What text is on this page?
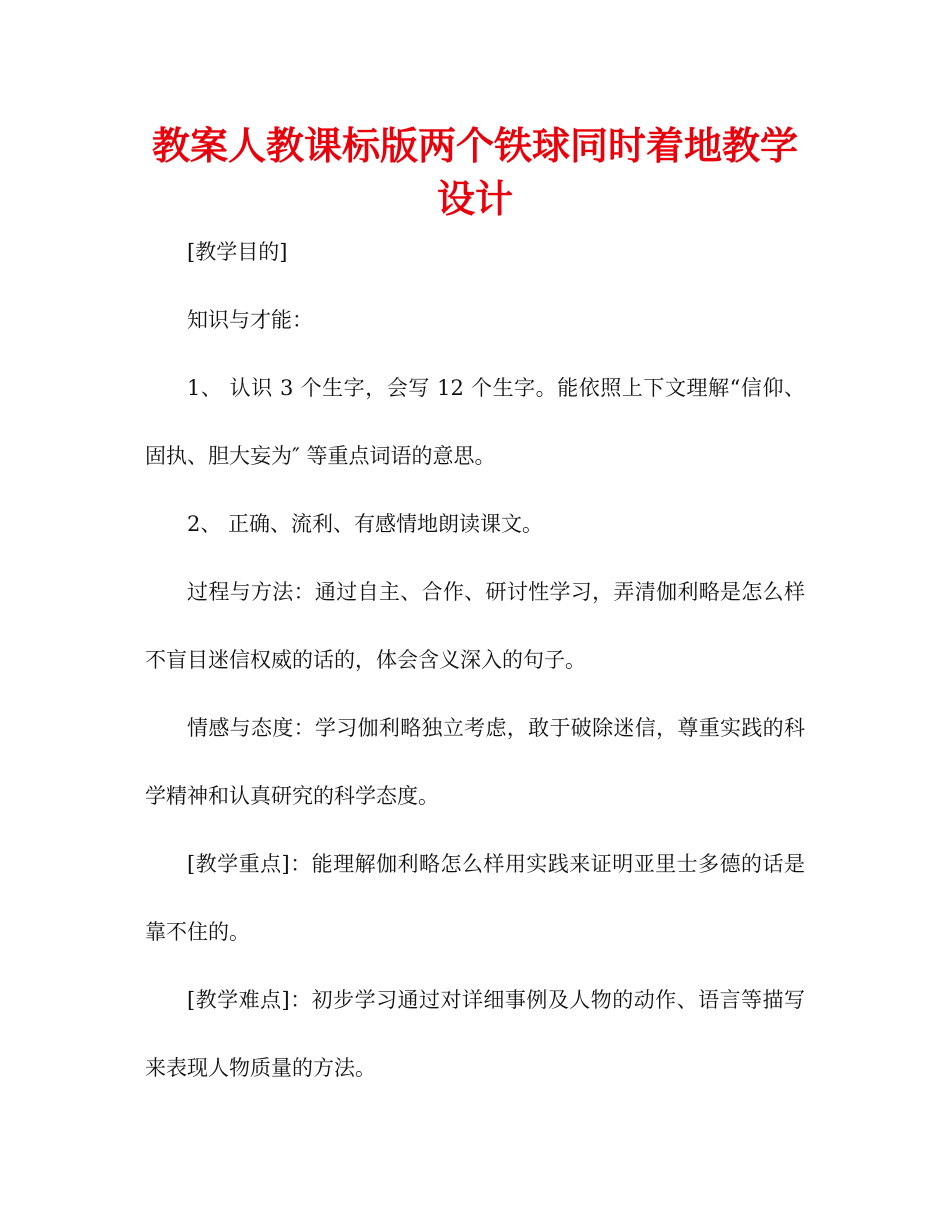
教案人教课标版两个铁球同时着地教学设计

[教学目的]

知识与才能：

1、 认识 3 个生字，会写 12 个生字。能依照上下文理解“信仰、固执、胆大妄为″ 等重点词语的意思。

2、 正确、流利、有感情地朗读课文。

过程与方法：通过自主、合作、研讨性学习，弄清伽利略是怎么样不盲目迷信权威的话的，体会含义深入的句子。

情感与态度：学习伽利略独立考虑，敢于破除迷信，尊重实践的科学精神和认真研究的科学态度。

[教学重点]：能理解伽利略怎么样用实践来证明亚里士多德的话是靠不住的。

[教学难点]：初步学习通过对详细事例及人物的动作、语言等描写来表现人物质量的方法。
